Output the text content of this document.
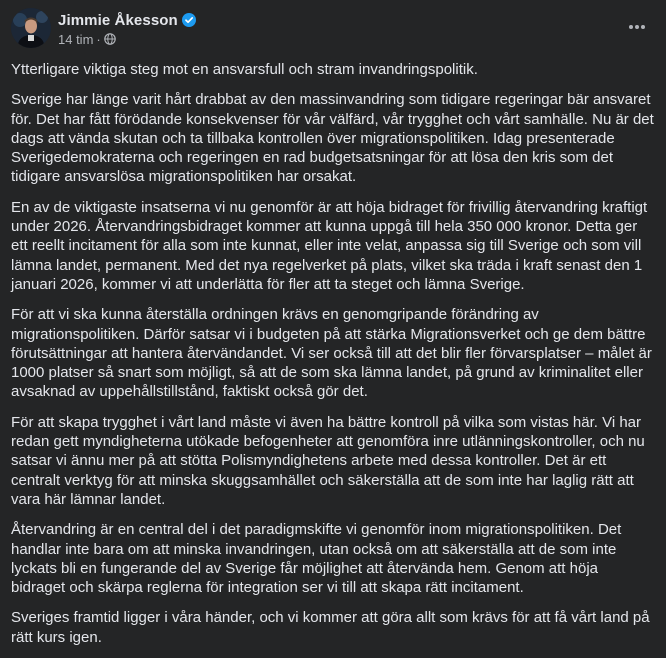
Jimmie Åkesson
14 tim ·

Ytterligare viktiga steg mot en ansvarsfull och stram invandringspolitik.

Sverige har länge varit hårt drabbat av den massinvandring som tidigare regeringar bär ansvaret för. Det har fått förödande konsekvenser för vår välfärd, vår trygghet och vårt samhälle. Nu är det dags att vända skutan och ta tillbaka kontrollen över migrationspolitiken. Idag presenterade Sverigedemokraterna och regeringen en rad budgetsatsningar för att lösa den kris som det tidigare ansvarslösa migrationspolitiken har orsakat.

En av de viktigaste insatserna vi nu genomför är att höja bidraget för frivillig återvandring kraftigt under 2026. Återvandringsbidraget kommer att kunna uppgå till hela 350 000 kronor. Detta ger ett reellt incitament för alla som inte kunnat, eller inte velat, anpassa sig till Sverige och som vill lämna landet, permanent. Med det nya regelverket på plats, vilket ska träda i kraft senast den 1 januari 2026, kommer vi att underlätta för fler att ta steget och lämna Sverige.

För att vi ska kunna återställa ordningen krävs en genomgripande förändring av migrationspolitiken. Därför satsar vi i budgeten på att stärka Migrationsverket och ge dem bättre förutsättningar att hantera återvändandet. Vi ser också till att det blir fler förvarsplatser – målet är 1000 platser så snart som möjligt, så att de som ska lämna landet, på grund av kriminalitet eller avsaknad av uppehållstillstånd, faktiskt också gör det.

För att skapa trygghet i vårt land måste vi även ha bättre kontroll på vilka som vistas här. Vi har redan gett myndigheterna utökade befogenheter att genomföra inre utlänningskontroller, och nu satsar vi ännu mer på att stötta Polismyndighetens arbete med dessa kontroller. Det är ett centralt verktyg för att minska skuggsamhället och säkerställa att de som inte har laglig rätt att vara här lämnar landet.

Återvandring är en central del i det paradigmskifte vi genomför inom migrationspolitiken. Det handlar inte bara om att minska invandringen, utan också om att säkerställa att de som inte lyckats bli en fungerande del av Sverige får möjlighet att återvända hem. Genom att höja bidraget och skärpa reglerna för integration ser vi till att skapa rätt incitament.

Sveriges framtid ligger i våra händer, och vi kommer att göra allt som krävs för att få vårt land på rätt kurs igen.
